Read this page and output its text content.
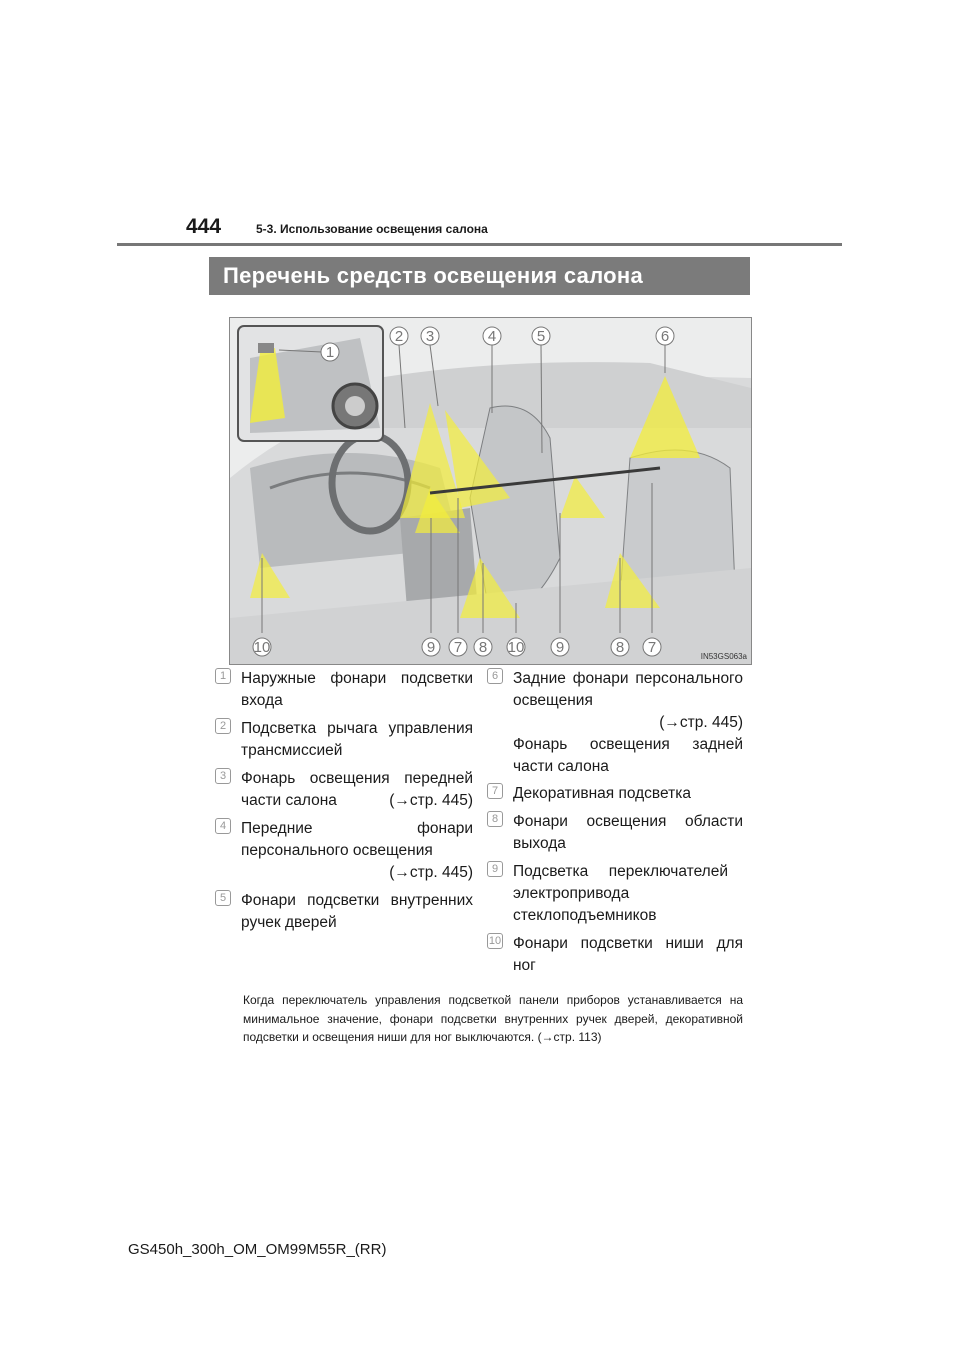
444	5-3. Использование освещения салона
Перечень средств освещения салона
1
2 3	4	5	6
10	9 7 8 10 9	8 7
IN53GS063a
1 Наружные фонари подсветки входа
2 Подсветка рычага управления трансмиссией
3 Фонарь освещения передней части салона	(→стр. 445)
4 Передние фонари персонального освещения
(→стр. 445)
5 Фонари подсветки внутренних ручек дверей
6 Задние фонари персонального освещения
(→стр. 445)
Фонарь освещения задней части салона
7 Декоративная подсветка
8 Фонари освещения области выхода
9 Подсветка переключателей электропривода стеклоподъемников
10 Фонари подсветки ниши для ног
Когда переключатель управления подсветкой панели приборов устанавливается на минимальное значение, фонари подсветки внутренних ручек дверей, декоративной подсветки и освещения ниши для ног выключаются. (→стр. 113)
GS450h_300h_OM_OM99M55R_(RR)
